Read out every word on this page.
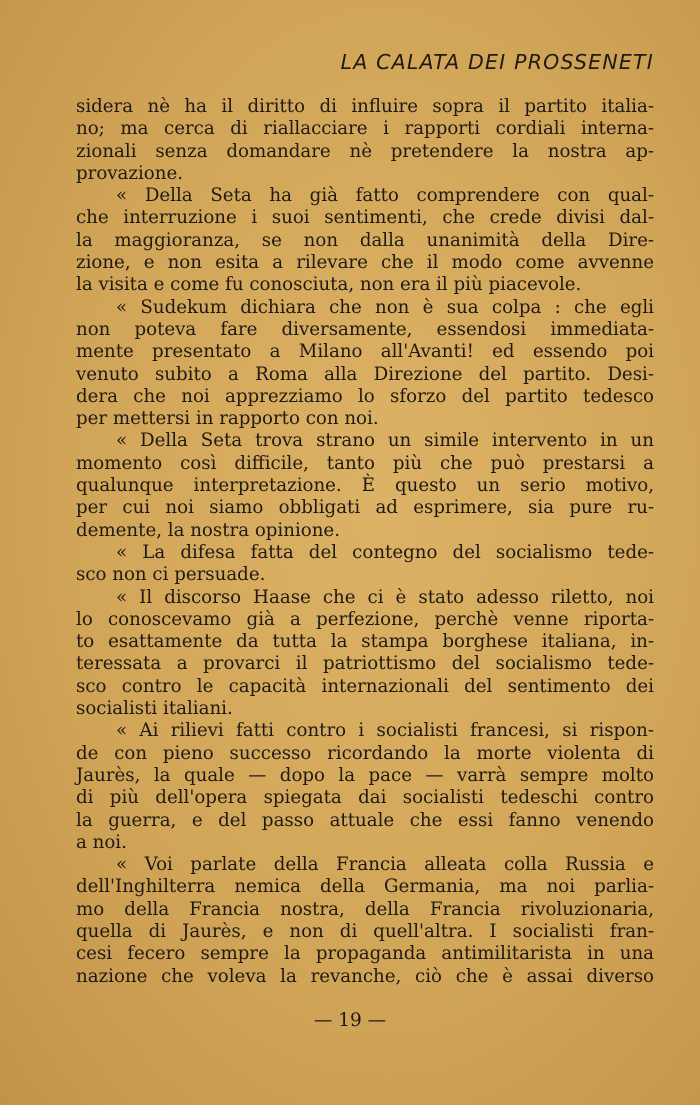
LA CALATA DEI PROSSENETI
sidera nè ha il diritto di influire sopra il partito italia-
no; ma cerca di riallacciare i rapporti cordiali interna-
zionali senza domandare nè pretendere la nostra ap-
provazione.
« Della Seta ha già fatto comprendere con qual-
che interruzione i suoi sentimenti, che crede divisi dal-
la maggioranza, se non dalla unanimità della Dire-
zione, e non esita a rilevare che il modo come avvenne
la visita e come fu conosciuta, non era il più piacevole.
« Sudekum dichiara che non è sua colpa : che egli
non poteva fare diversamente, essendosi immediata-
mente presentato a Milano all'Avanti! ed essendo poi
venuto subito a Roma alla Direzione del partito. Desi-
dera che noi apprezziamo lo sforzo del partito tedesco
per mettersi in rapporto con noi.
« Della Seta trova strano un simile intervento in un
momento così difficile, tanto più che può prestarsi a
qualunque interpretazione. È questo un serio motivo,
per cui noi siamo obbligati ad esprimere, sia pure ru-
demente, la nostra opinione.
« La difesa fatta del contegno del socialismo tede-
sco non ci persuade.
« Il discorso Haase che ci è stato adesso riletto, noi
lo conoscevamo già a perfezione, perchè venne riporta-
to esattamente da tutta la stampa borghese italiana, in-
teressata a provarci il patriottismo del socialismo tede-
sco contro le capacità internazionali del sentimento dei
socialisti italiani.
« Ai rilievi fatti contro i socialisti francesi, si rispon-
de con pieno successo ricordando la morte violenta di
Jaurès, la quale — dopo la pace — varrà sempre molto
di più dell'opera spiegata dai socialisti tedeschi contro
la guerra, e del passo attuale che essi fanno venendo
a noi.
« Voi parlate della Francia alleata colla Russia e
dell'Inghilterra nemica della Germania, ma noi parlia-
mo della Francia nostra, della Francia rivoluzionaria,
quella di Jaurès, e non di quell'altra. I socialisti fran-
cesi fecero sempre la propaganda antimilitarista in una
nazione che voleva la revanche, ciò che è assai diverso
— 19 —
